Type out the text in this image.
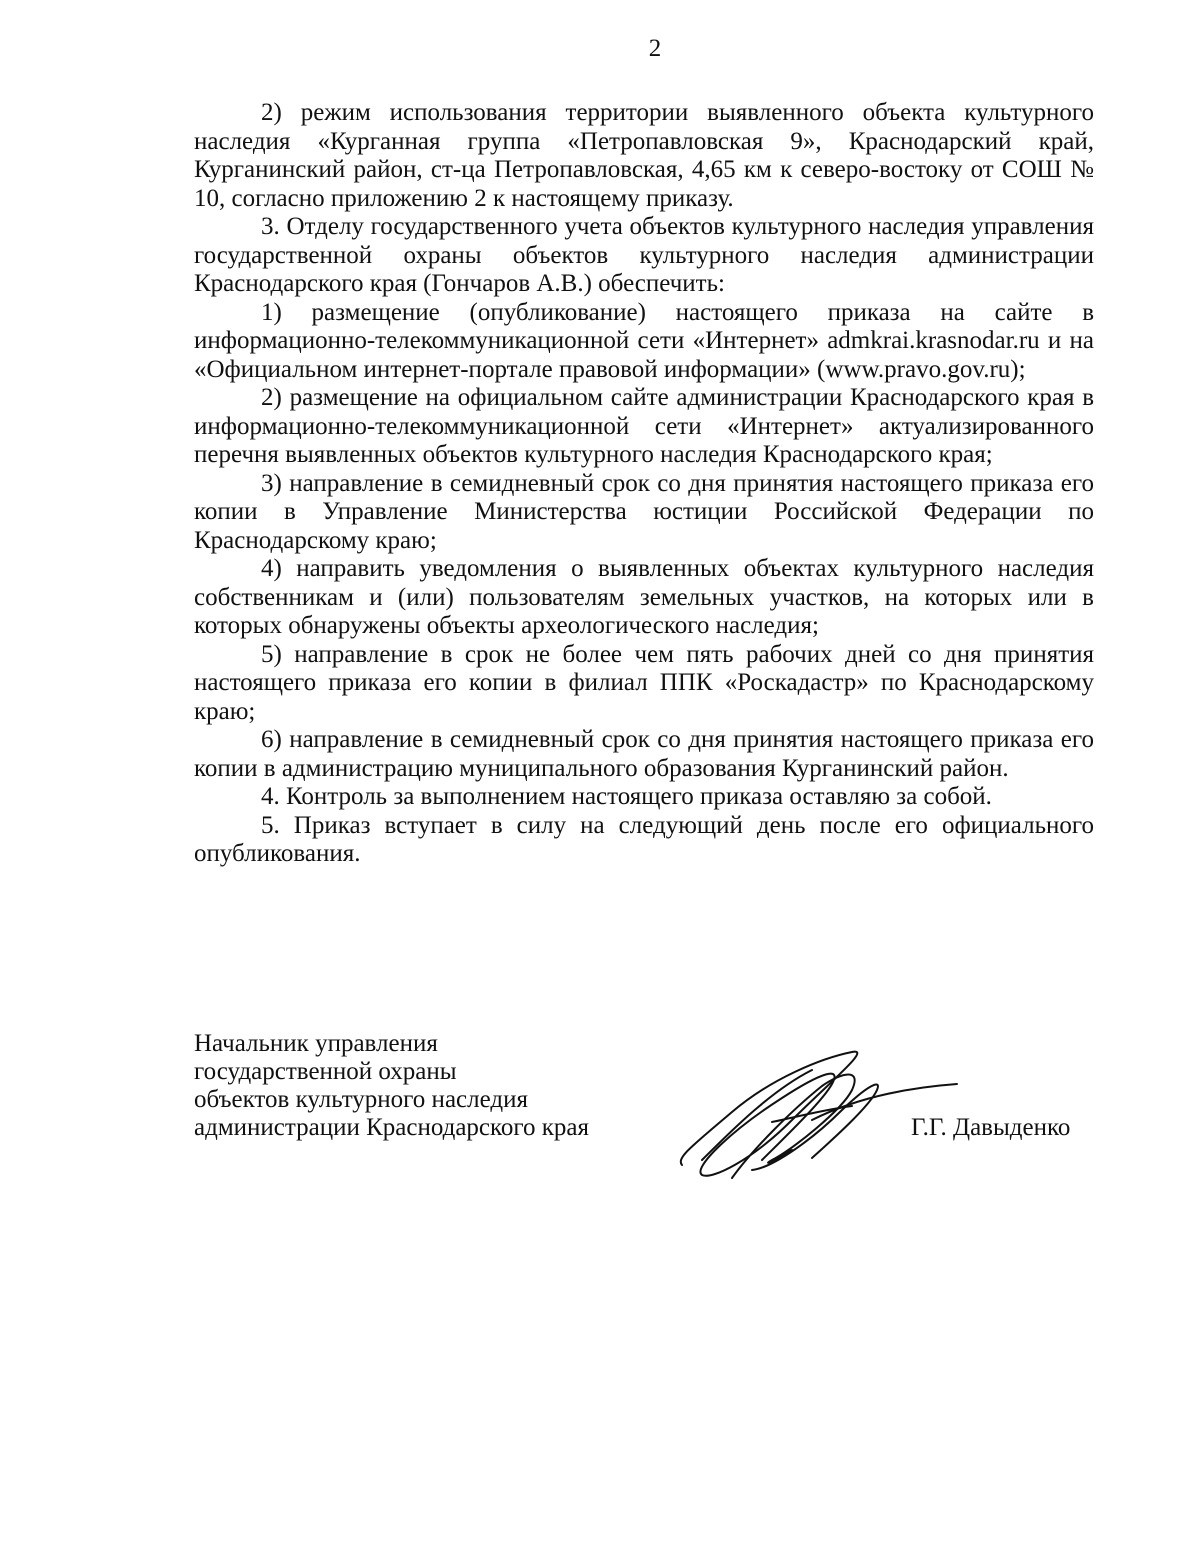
2

2) режим использования территории выявленного объекта культурного наследия «Курганная группа «Петропавловская 9», Краснодарский край, Курганинский район, ст-ца Петропавловская, 4,65 км к северо-востоку от СОШ № 10, согласно приложению 2 к настоящему приказу.

3. Отделу государственного учета объектов культурного наследия управления государственной охраны объектов культурного наследия администрации Краснодарского края (Гончаров А.В.) обеспечить:

1) размещение (опубликование) настоящего приказа на сайте в информационно-телекоммуникационной сети «Интернет» admkrai.krasnodar.ru и на «Официальном интернет-портале правовой информации» (www.pravo.gov.ru);

2) размещение на официальном сайте администрации Краснодарского края в информационно-телекоммуникационной сети «Интернет» актуализированного перечня выявленных объектов культурного наследия Краснодарского края;

3) направление в семидневный срок со дня принятия настоящего приказа его копии в Управление Министерства юстиции Российской Федерации по Краснодарскому краю;

4) направить уведомления о выявленных объектах культурного наследия собственникам и (или) пользователям земельных участков, на которых или в которых обнаружены объекты археологического наследия;

5) направление в срок не более чем пять рабочих дней со дня принятия настоящего приказа его копии в филиал ППК «Роскадастр» по Краснодарскому краю;

6) направление в семидневный срок со дня принятия настоящего приказа его копии в администрацию муниципального образования Курганинский район.

4. Контроль за выполнением настоящего приказа оставляю за собой.

5. Приказ вступает в силу на следующий день после его официального опубликования.

Начальник управления
государственной охраны
объектов культурного наследия
администрации Краснодарского края	Г.Г. Давыденко
